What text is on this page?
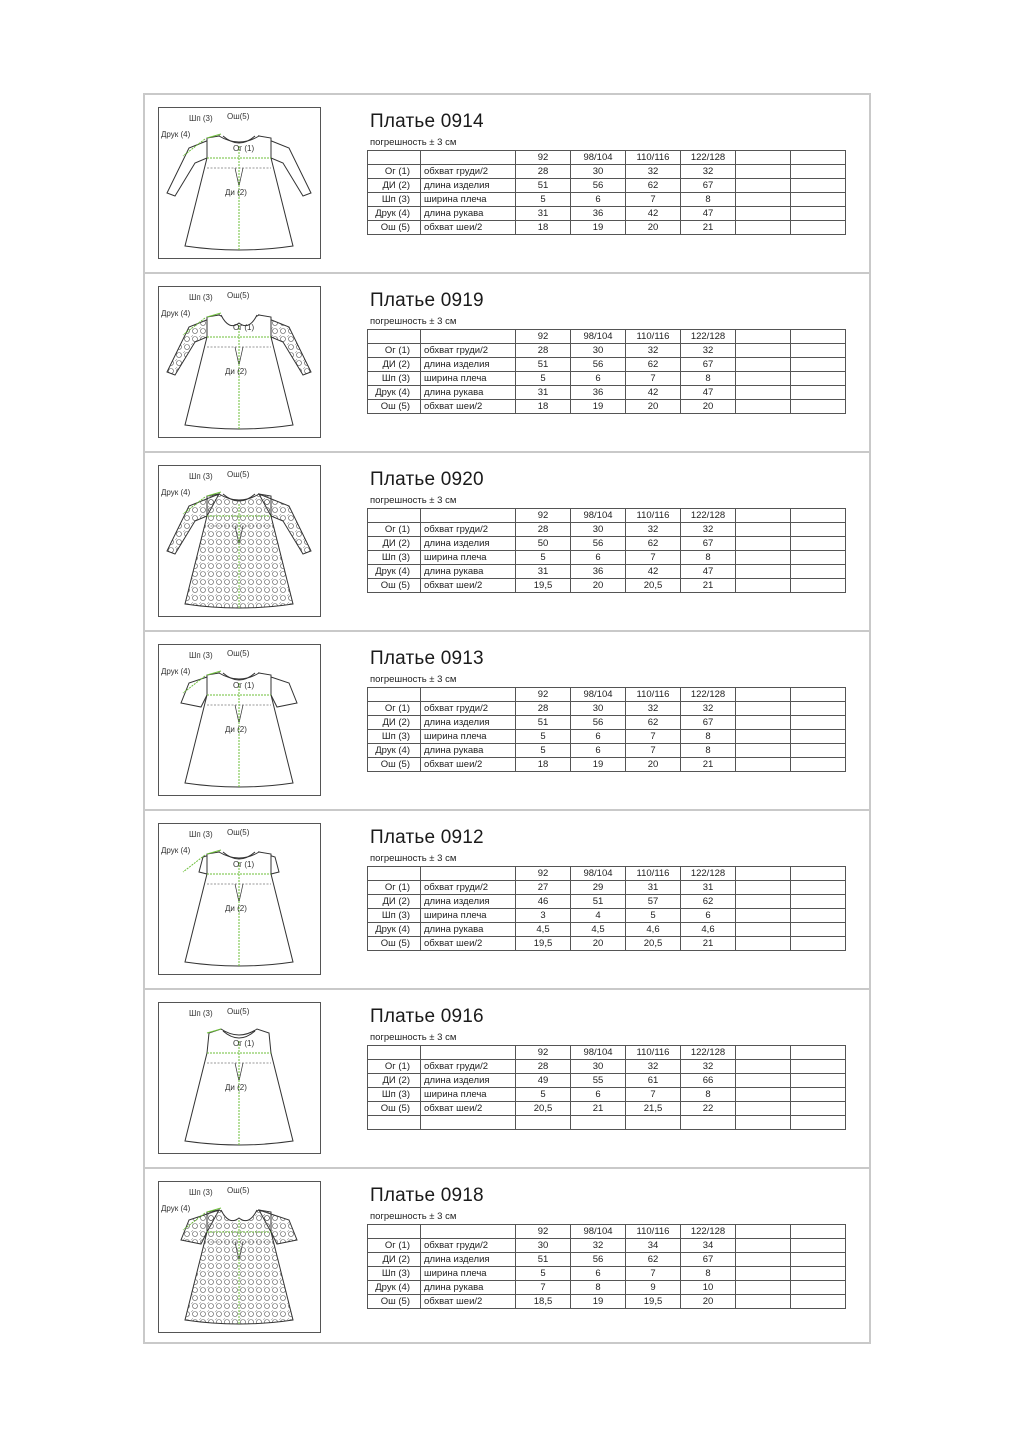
Шп (3) Ош(5)
Друк (4)
Ог (1)
Ди (2)
Платье 0914
погрешность ± 3 см
		92	98/104	110/116	122/128		
Ог (1)	обхват груди/2	28	30	32	32		
ДИ (2)	длина изделия	51	56	62	67		
Шп (3)	ширина плеча	5	6	7	8		
Друк (4)	длина рукава	31	36	42	47		
Ош (5)	обхват шеи/2	18	19	20	21		
Шп (3) Ош(5)
Друк (4)
Ог (1)
Ди (2)
Платье 0919
погрешность ± 3 см
		92	98/104	110/116	122/128		
Ог (1)	обхват груди/2	28	30	32	32		
ДИ (2)	длина изделия	51	56	62	67		
Шп (3)	ширина плеча	5	6	7	8		
Друк (4)	длина рукава	31	36	42	47		
Ош (5)	обхват шеи/2	18	19	20	20		
Шп (3) Ош(5)
Друк (4)
Платье 0920
погрешность ± 3 см
		92	98/104	110/116	122/128		
Ог (1)	обхват груди/2	28	30	32	32		
ДИ (2)	длина изделия	50	56	62	67		
Шп (3)	ширина плеча	5	6	7	8		
Друк (4)	длина рукава	31	36	42	47		
Ош (5)	обхват шеи/2	19,5	20	20,5	21		
Шп (3) Ош(5)
Друк (4)
Ог (1)
Ди (2)
Платье 0913
погрешность ± 3 см
		92	98/104	110/116	122/128		
Ог (1)	обхват груди/2	28	30	32	32		
ДИ (2)	длина изделия	51	56	62	67		
Шп (3)	ширина плеча	5	6	7	8		
Друк (4)	длина рукава	5	6	7	8		
Ош (5)	обхват шеи/2	18	19	20	21		
Шп (3) Ош(5)
Друк (4)
Ог (1)
Ди (2)
Платье 0912
погрешность ± 3 см
		92	98/104	110/116	122/128		
Ог (1)	обхват груди/2	27	29	31	31		
ДИ (2)	длина изделия	46	51	57	62		
Шп (3)	ширина плеча	3	4	5	6		
Друк (4)	длина рукава	4,5	4,5	4,6	4,6		
Ош (5)	обхват шеи/2	19,5	20	20,5	21		
Шп (3) Ош(5)
Ог (1)
Ди (2)
Платье 0916
погрешность ± 3 см
		92	98/104	110/116	122/128		
Ог (1)	обхват груди/2	28	30	32	32		
ДИ (2)	длина изделия	49	55	61	66		
Шп (3)	ширина плеча	5	6	7	8		
Ош (5)	обхват шеи/2	20,5	21	21,5	22		

Шп (3) Ош(5)
Друк (4)
Платье 0918
погрешность ± 3 см
		92	98/104	110/116	122/128		
Ог (1)	обхват груди/2	30	32	34	34		
ДИ (2)	длина изделия	51	56	62	67		
Шп (3)	ширина плеча	5	6	7	8		
Друк (4)	длина рукава	7	8	9	10		
Ош (5)	обхват шеи/2	18,5	19	19,5	20		
